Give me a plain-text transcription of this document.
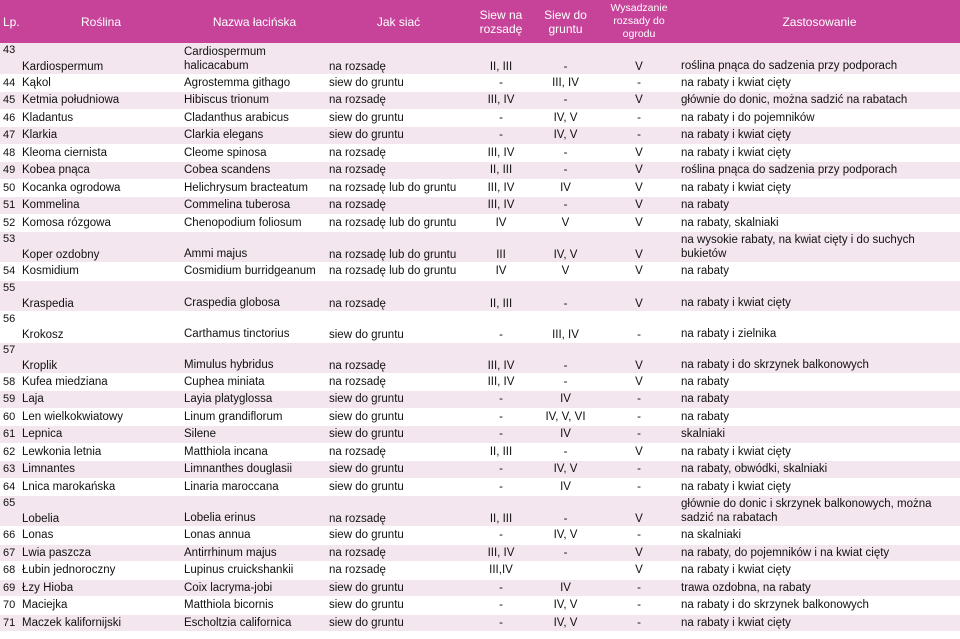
Lp.	Roślina	Nazwa łacińska	Jak siać	Siew na rozsadę	Siew do gruntu	Wysadzanie rozsady do ogrodu	Zastosowanie
43	Kardiospermum	Cardiospermum halicacabum	na rozsadę	II, III	-	V	roślina pnąca do sadzenia przy podporach
44	Kąkol	Agrostemma githago	siew do gruntu	-	III, IV	-	na rabaty i kwiat cięty
45	Ketmia południowa	Hibiscus trionum	na rozsadę	III, IV	-	V	głównie do donic, można sadzić na rabatach
46	Kladantus	Cladanthus arabicus	siew do gruntu	-	IV, V	-	na rabaty i do pojemników
47	Klarkia	Clarkia elegans	siew do gruntu	-	IV, V	-	na rabaty i kwiat cięty
48	Kleoma ciernista	Cleome spinosa	na rozsadę	III, IV	-	V	na rabaty i kwiat cięty
49	Kobea pnąca	Cobea scandens	na rozsadę	II, III	-	V	roślina pnąca do sadzenia przy podporach
50	Kocanka ogrodowa	Helichrysum bracteatum	na rozsadę lub do gruntu	III, IV	IV	V	na rabaty i kwiat cięty
51	Kommelina	Commelina tuberosa	na rozsadę	III, IV	-	V	na rabaty
52	Komosa rózgowa	Chenopodium foliosum	na rozsadę lub do gruntu	IV	V	V	na rabaty, skalniaki
53	Koper ozdobny	Ammi majus	na rozsadę lub do gruntu	III	IV, V	V	na wysokie rabaty, na kwiat cięty i do suchych bukietów
54	Kosmidium	Cosmidium burridgeanum	na rozsadę lub do gruntu	IV	V	V	na rabaty
55	Kraspedia	Craspedia globosa	na rozsadę	II, III	-	V	na rabaty i kwiat cięty
56	Krokosz	Carthamus tinctorius	siew do gruntu	-	III, IV	-	na rabaty i zielnika
57	Kroplik	Mimulus hybridus	na rozsadę	III, IV	-	V	na rabaty i do skrzynek balkonowych
58	Kufea miedziana	Cuphea miniata	na rozsadę	III, IV	-	V	na rabaty
59	Laja	Layia platyglossa	siew do gruntu	-	IV	-	na rabaty
60	Len wielkokwiatowy	Linum grandiflorum	siew do gruntu	-	IV, V, VI	-	na rabaty
61	Lepnica	Silene	siew do gruntu	-	IV	-	skalniaki
62	Lewkonia letnia	Matthiola incana	na rozsadę	II, III	-	V	na rabaty i kwiat cięty
63	Limnantes	Limnanthes douglasii	siew do gruntu	-	IV, V	-	na rabaty, obwódki, skalniaki
64	Lnica marokańska	Linaria maroccana	siew do gruntu	-	IV	-	na rabaty i kwiat cięty
65	Lobelia	Lobelia erinus	na rozsadę	II, III	-	V	głównie do donic i skrzynek balkonowych, można sadzić na rabatach
66	Lonas	Lonas annua	siew do gruntu	-	IV, V	-	na skalniaki
67	Lwia paszcza	Antirrhinum majus	na rozsadę	III, IV	-	V	na rabaty, do pojemników i na kwiat cięty
68	Łubin jednoroczny	Lupinus cruickshankii	na rozsadę	III,IV		V	na rabaty i kwiat cięty
69	Łzy Hioba	Coix lacryma-jobi	siew do gruntu	-	IV	-	trawa ozdobna, na rabaty
70	Maciejka	Matthiola bicornis	siew do gruntu	-	IV, V	-	na rabaty i do skrzynek balkonowych
71	Maczek kalifornijski	Escholtzia californica	siew do gruntu	-	IV, V	-	na rabaty i kwiat cięty
